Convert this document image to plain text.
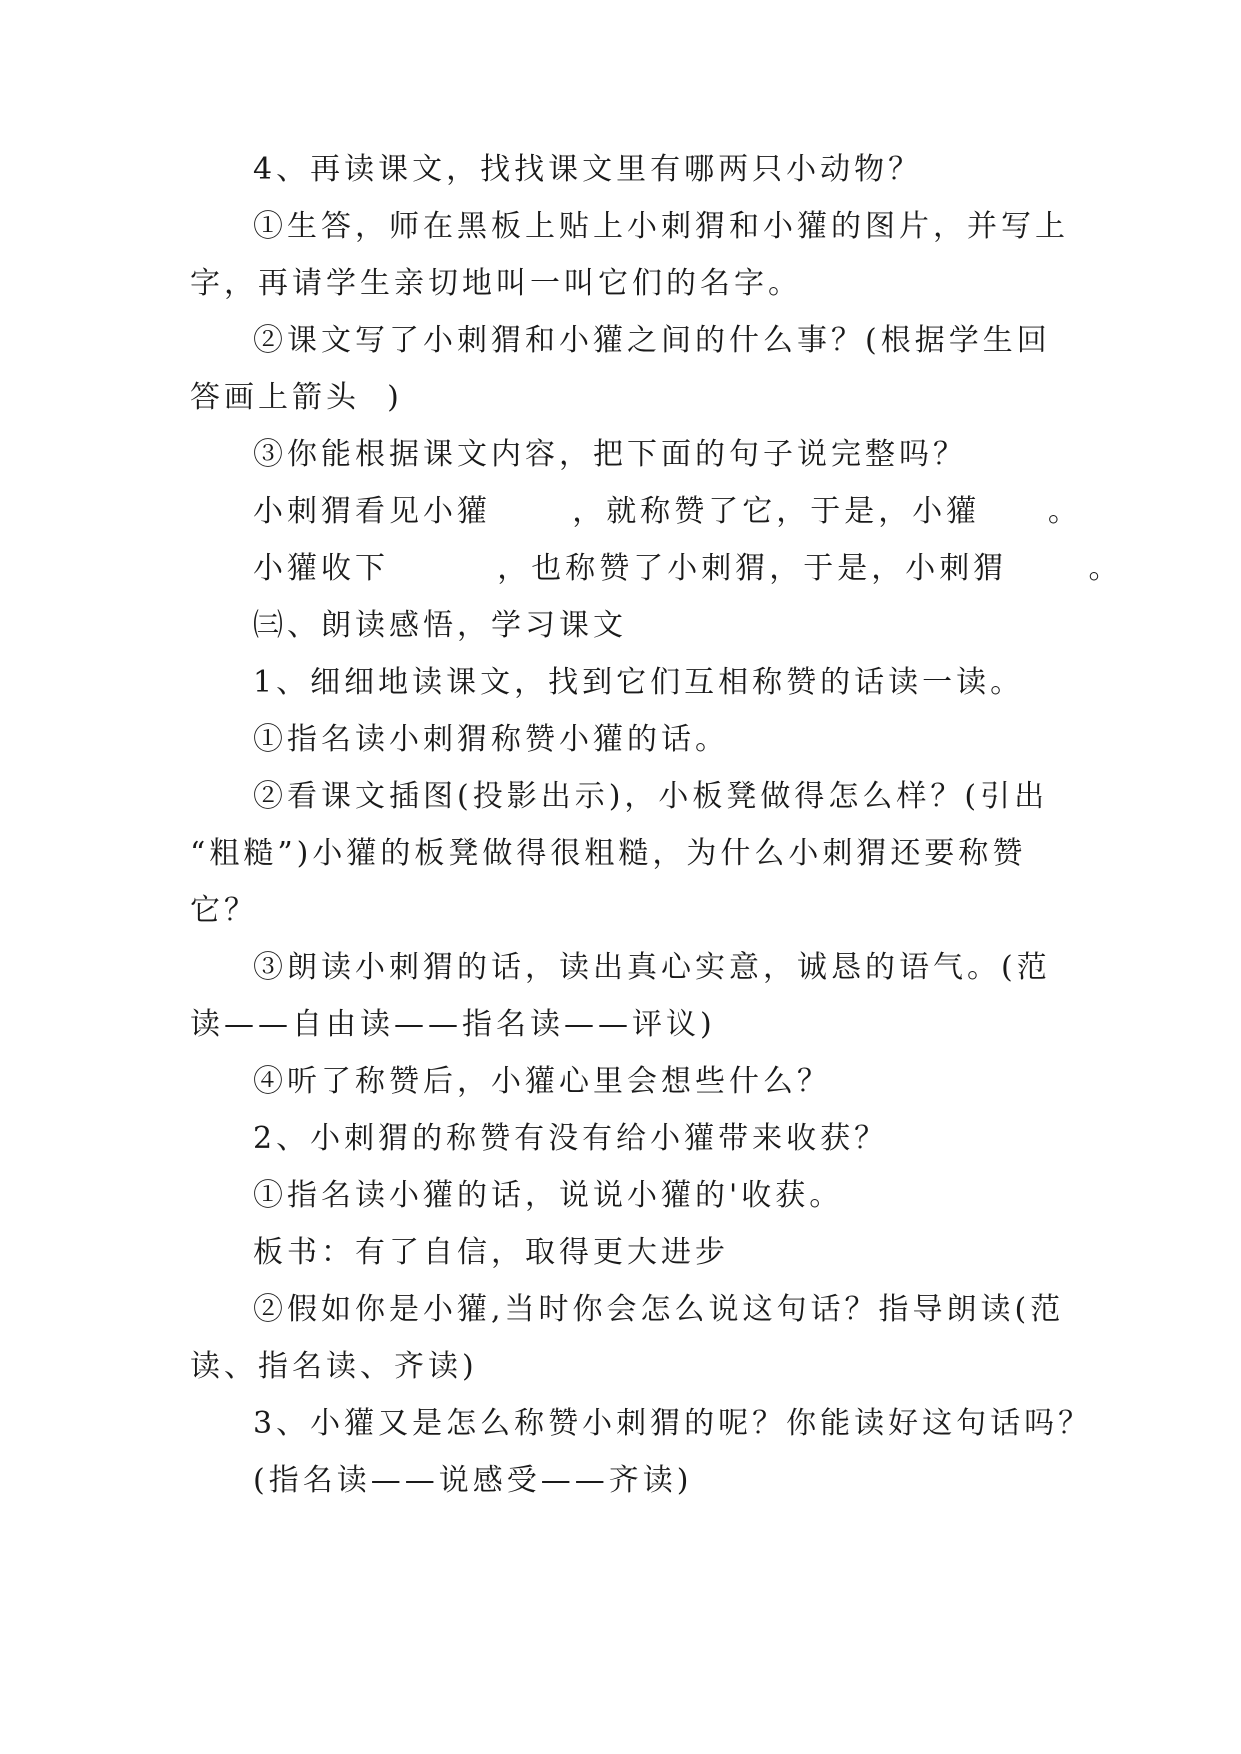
4、再读课文，找找课文里有哪两只小动物？
①生答，师在黑板上贴上小刺猬和小獾的图片，并写上
字，再请学生亲切地叫一叫它们的名字。
②课文写了小刺猬和小獾之间的什么事？(根据学生回
答画上箭头  )
③你能根据课文内容，把下面的句子说完整吗？
小刺猬看见小獾      ，就称赞了它，于是，小獾     。
小獾收下        ，也称赞了小刺猬，于是，小刺猬      。
㈢、朗读感悟，学习课文
1、细细地读课文，找到它们互相称赞的话读一读。
①指名读小刺猬称赞小獾的话。
②看课文插图(投影出示)，小板凳做得怎么样？(引出
“粗糙”)小獾的板凳做得很粗糙，为什么小刺猬还要称赞
它？
③朗读小刺猬的话，读出真心实意，诚恳的语气。(范
读——自由读——指名读——评议)
④听了称赞后，小獾心里会想些什么？
2、小刺猬的称赞有没有给小獾带来收获？
①指名读小獾的话，说说小獾的'收获。
板书：有了自信，取得更大进步
②假如你是小獾,当时你会怎么说这句话？指导朗读(范
读、指名读、齐读)
3、小獾又是怎么称赞小刺猬的呢？你能读好这句话吗？
(指名读——说感受——齐读)
